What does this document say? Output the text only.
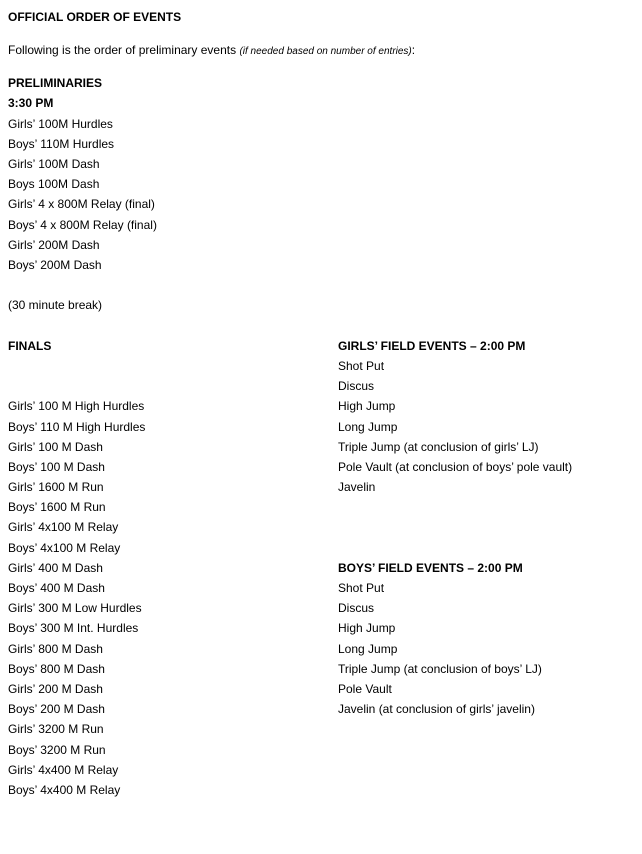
OFFICIAL ORDER OF EVENTS
Following is the order of preliminary events (if needed based on number of entries):
PRELIMINARIES
3:30 PM
Girls’ 100M Hurdles
Boys’ 110M Hurdles
Girls’ 100M Dash
Boys 100M Dash
Girls’ 4 x 800M Relay (final)
Boys’ 4 x 800M Relay (final)
Girls’ 200M Dash
Boys’ 200M Dash
(30 minute break)
FINALS
Girls’ 100 M High Hurdles
Boys’ 110 M High Hurdles
Girls’ 100 M Dash
Boys’ 100 M Dash
Girls’ 1600 M Run
Boys’ 1600 M Run
Girls’ 4x100 M Relay
Boys’ 4x100 M Relay
Girls’ 400 M Dash
Boys’ 400 M Dash
Girls’ 300 M Low Hurdles
Boys’ 300 M Int. Hurdles
Girls’ 800 M Dash
Boys’ 800 M Dash
Girls’ 200 M Dash
Boys’ 200 M Dash
Girls’ 3200 M Run
Boys’ 3200 M Run
Girls’ 4x400 M Relay
Boys’ 4x400 M Relay
GIRLS’ FIELD EVENTS – 2:00 PM
Shot Put
Discus
High Jump
Long Jump
Triple Jump (at conclusion of girls’ LJ)
Pole Vault (at conclusion of boys’ pole vault)
Javelin
BOYS’ FIELD EVENTS – 2:00 PM
Shot Put
Discus
High Jump
Long Jump
Triple Jump (at conclusion of boys’ LJ)
Pole Vault
Javelin (at conclusion of girls’ javelin)
